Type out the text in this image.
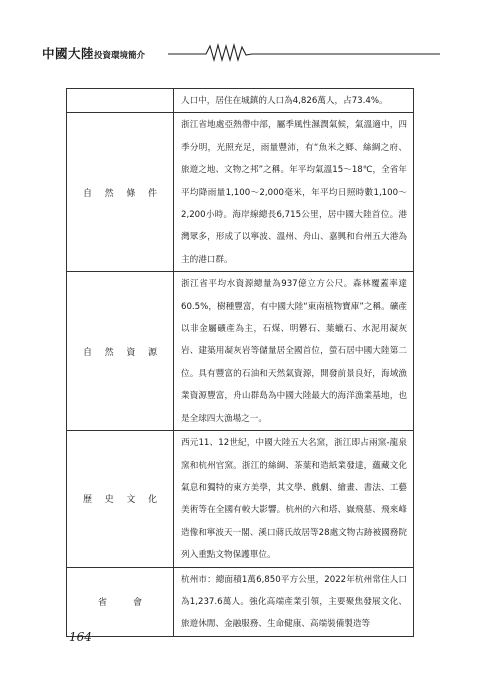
中國大陸投資環境簡介
	人口中，居住在城鎮的人口為4,826萬人，占73.4%。

自 然 條 件	浙江省地處亞熱帶中部，屬季風性濕潤氣候，氣溫適中，四季分明，光照充足，雨量豐沛，有“魚米之鄉、絲綢之府、旅遊之地、文物之邦”之稱。年平均氣溫15～18℃，全省年平均降雨量1,100～2,000毫米，年平均日照時數1,100～2,200小時。海岸線總長6,715公里，居中國大陸首位。港灣眾多，形成了以寧波、溫州、舟山、嘉興和台州五大港為主的港口群。

自 然 資 源	浙江省平均水資源總量為937億立方公尺。森林覆蓋率達60.5%，樹種豐富，有中國大陸“東南植物寶庫”之稱。礦產以非金屬礦產為主，石煤、明礬石、葉蠟石、水泥用凝灰岩、建築用凝灰岩等儲量居全國首位，螢石居中國大陸第二位。具有豐富的石油和天然氣資源，開發前景良好，海域漁業資源豐富，舟山群島為中國大陸最大的海洋漁業基地，也是全球四大漁場之一。

歷 史 文 化	西元11、12世紀，中國大陸五大名窯，浙江即占兩窯-龍泉窯和杭州官窯。浙江的絲綢、茶葉和造紙業發達，蘊藏文化氣息和獨特的東方美學，其文學、戲劇、繪畫、書法、工藝美術等在全國有較大影響。杭州的六和塔、嶽飛墓、飛來峰造像和寧波天一閣、溪口蔣氏故居等28處文物古跡被國務院列入重點文物保護單位。

省 會	杭州市：總面積1萬6,850平方公里，2022年杭州常住人口為1,237.6萬人。強化高端產業引領，主要聚焦發展文化、旅遊休閒、金融服務、生命健康、高端裝備製造等
164
